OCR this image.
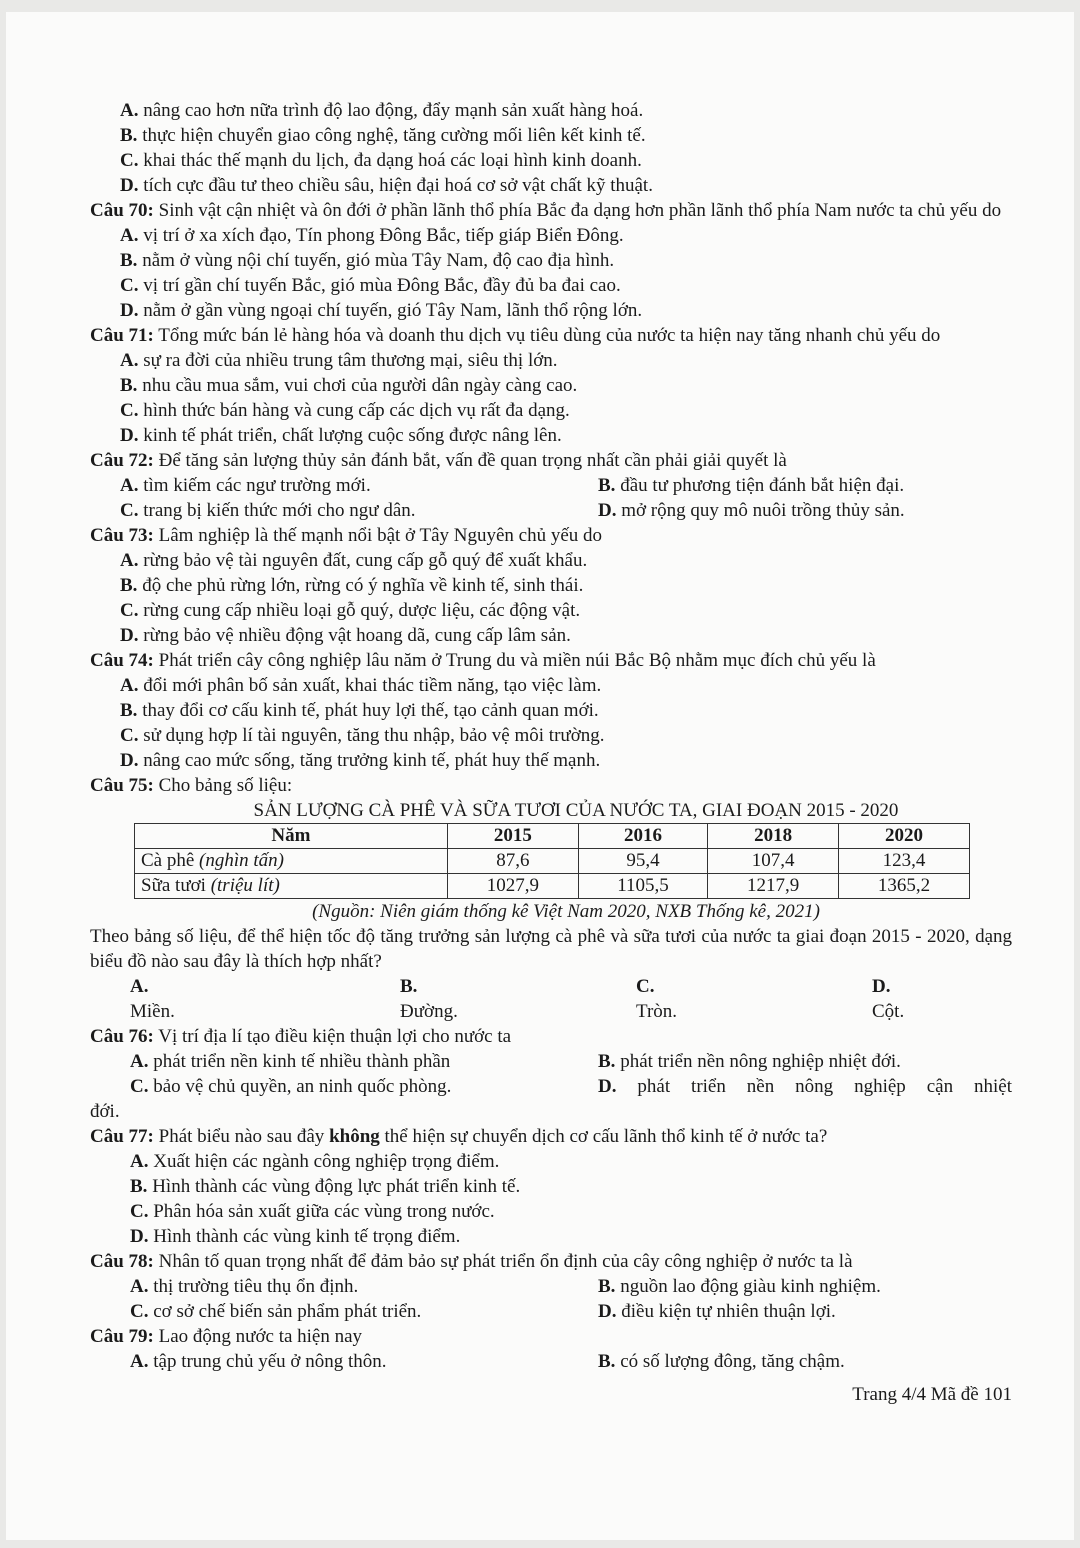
A. nâng cao hơn nữa trình độ lao động, đẩy mạnh sản xuất hàng hoá.
B. thực hiện chuyển giao công nghệ, tăng cường mối liên kết kinh tế.
C. khai thác thế mạnh du lịch, đa dạng hoá các loại hình kinh doanh.
D. tích cực đầu tư theo chiều sâu, hiện đại hoá cơ sở vật chất kỹ thuật.
Câu 70: Sinh vật cận nhiệt và ôn đới ở phần lãnh thổ phía Bắc đa dạng hơn phần lãnh thổ phía Nam nước ta chủ yếu do
A. vị trí ở xa xích đạo, Tín phong Đông Bắc, tiếp giáp Biển Đông.
B. nằm ở vùng nội chí tuyến, gió mùa Tây Nam, độ cao địa hình.
C. vị trí gần chí tuyến Bắc, gió mùa Đông Bắc, đầy đủ ba đai cao.
D. nằm ở gần vùng ngoại chí tuyến, gió Tây Nam, lãnh thổ rộng lớn.
Câu 71: Tổng mức bán lẻ hàng hóa và doanh thu dịch vụ tiêu dùng của nước ta hiện nay tăng nhanh chủ yếu do
A. sự ra đời của nhiều trung tâm thương mại, siêu thị lớn.
B. nhu cầu mua sắm, vui chơi của người dân ngày càng cao.
C. hình thức bán hàng và cung cấp các dịch vụ rất đa dạng.
D. kinh tế phát triển, chất lượng cuộc sống được nâng lên.
Câu 72: Để tăng sản lượng thủy sản đánh bắt, vấn đề quan trọng nhất cần phải giải quyết là
A. tìm kiếm các ngư trường mới.	B. đầu tư phương tiện đánh bắt hiện đại.
C. trang bị kiến thức mới cho ngư dân.	D. mở rộng quy mô nuôi trồng thủy sản.
Câu 73: Lâm nghiệp là thế mạnh nổi bật ở Tây Nguyên chủ yếu do
A. rừng bảo vệ tài nguyên đất, cung cấp gỗ quý để xuất khẩu.
B. độ che phủ rừng lớn, rừng có ý nghĩa về kinh tế, sinh thái.
C. rừng cung cấp nhiều loại gỗ quý, dược liệu, các động vật.
D. rừng bảo vệ nhiều động vật hoang dã, cung cấp lâm sản.
Câu 74: Phát triển cây công nghiệp lâu năm ở Trung du và miền núi Bắc Bộ nhằm mục đích chủ yếu là
A. đổi mới phân bố sản xuất, khai thác tiềm năng, tạo việc làm.
B. thay đổi cơ cấu kinh tế, phát huy lợi thế, tạo cảnh quan mới.
C. sử dụng hợp lí tài nguyên, tăng thu nhập, bảo vệ môi trường.
D. nâng cao mức sống, tăng trưởng kinh tế, phát huy thế mạnh.
Câu 75: Cho bảng số liệu:
SẢN LƯỢNG CÀ PHÊ VÀ SỮA TƯƠI CỦA NƯỚC TA, GIAI ĐOẠN 2015 - 2020
Năm	2015	2016	2018	2020
Cà phê (nghìn tấn)	87,6	95,4	107,4	123,4
Sữa tươi (triệu lít)	1027,9	1105,5	1217,9	1365,2
(Nguồn: Niên giám thống kê Việt Nam 2020, NXB Thống kê, 2021)
Theo bảng số liệu, để thể hiện tốc độ tăng trưởng sản lượng cà phê và sữa tươi của nước ta giai đoạn 2015 - 2020, dạng biểu đồ nào sau đây là thích hợp nhất?
A.
Miền.
B.
Đường.
C.
Tròn.
D.
Cột.
Câu 76: Vị trí địa lí tạo điều kiện thuận lợi cho nước ta
A. phát triển nền kinh tế nhiều thành phần	B. phát triển nền nông nghiệp nhiệt đới.
C. bảo vệ chủ quyền, an ninh quốc phòng.	D. phát triển nền nông nghiệp cận nhiệt
đới.
Câu 77: Phát biểu nào sau đây không thể hiện sự chuyển dịch cơ cấu lãnh thổ kinh tế ở nước ta?
A. Xuất hiện các ngành công nghiệp trọng điểm.
B. Hình thành các vùng động lực phát triển kinh tế.
C. Phân hóa sản xuất giữa các vùng trong nước.
D. Hình thành các vùng kinh tế trọng điểm.
Câu 78: Nhân tố quan trọng nhất để đảm bảo sự phát triển ổn định của cây công nghiệp ở nước ta là
A. thị trường tiêu thụ ổn định.	B. nguồn lao động giàu kinh nghiệm.
C. cơ sở chế biến sản phẩm phát triển.	D. điều kiện tự nhiên thuận lợi.
Câu 79: Lao động nước ta hiện nay
A. tập trung chủ yếu ở nông thôn.	B. có số lượng đông, tăng chậm.
Trang 4/4 Mã đề 101
